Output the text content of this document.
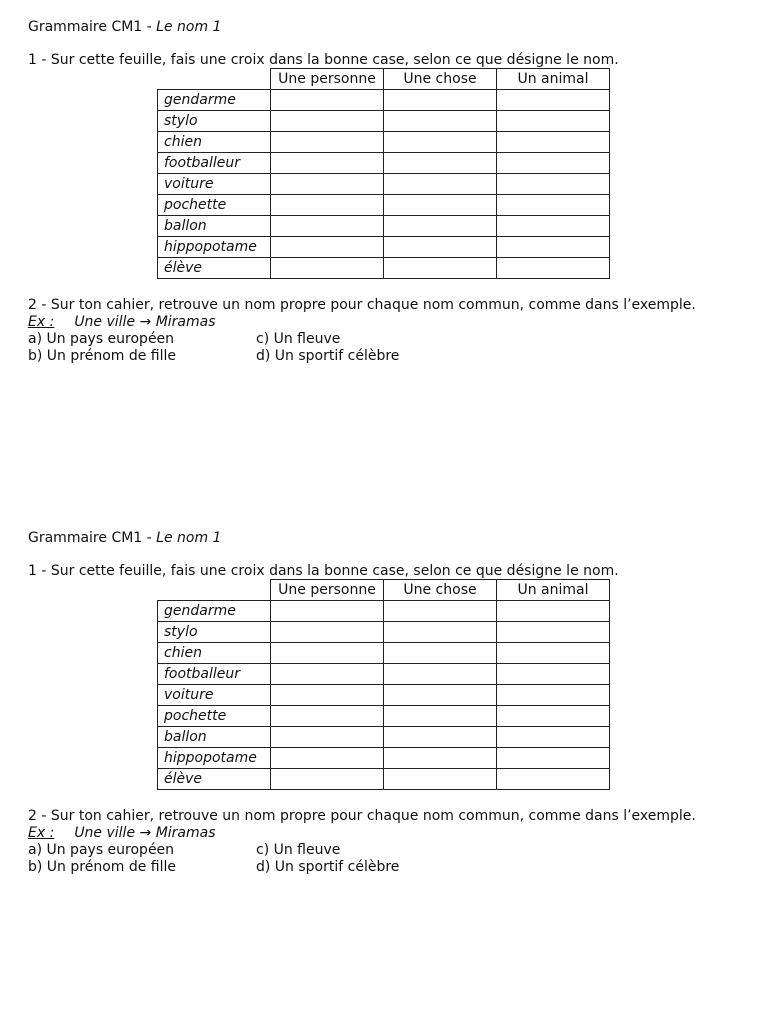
Grammaire CM1 - Le nom 1
1 - Sur cette feuille, fais une croix dans la bonne case, selon ce que désigne le nom.
	Une personne	Une chose	Un animal
gendarme			
stylo			
chien			
footballeur			
voiture			
pochette			
ballon			
hippopotame			
élève			
2 - Sur ton cahier, retrouve un nom propre pour chaque nom commun, comme dans l’exemple.
Ex : Une ville → Miramas
a) Un pays européen	c) Un fleuve
b) Un prénom de fille	d) Un sportif célèbre
Grammaire CM1 - Le nom 1
1 - Sur cette feuille, fais une croix dans la bonne case, selon ce que désigne le nom.
	Une personne	Une chose	Un animal
gendarme			
stylo			
chien			
footballeur			
voiture			
pochette			
ballon			
hippopotame			
élève			
2 - Sur ton cahier, retrouve un nom propre pour chaque nom commun, comme dans l’exemple.
Ex : Une ville → Miramas
a) Un pays européen	c) Un fleuve
b) Un prénom de fille	d) Un sportif célèbre
